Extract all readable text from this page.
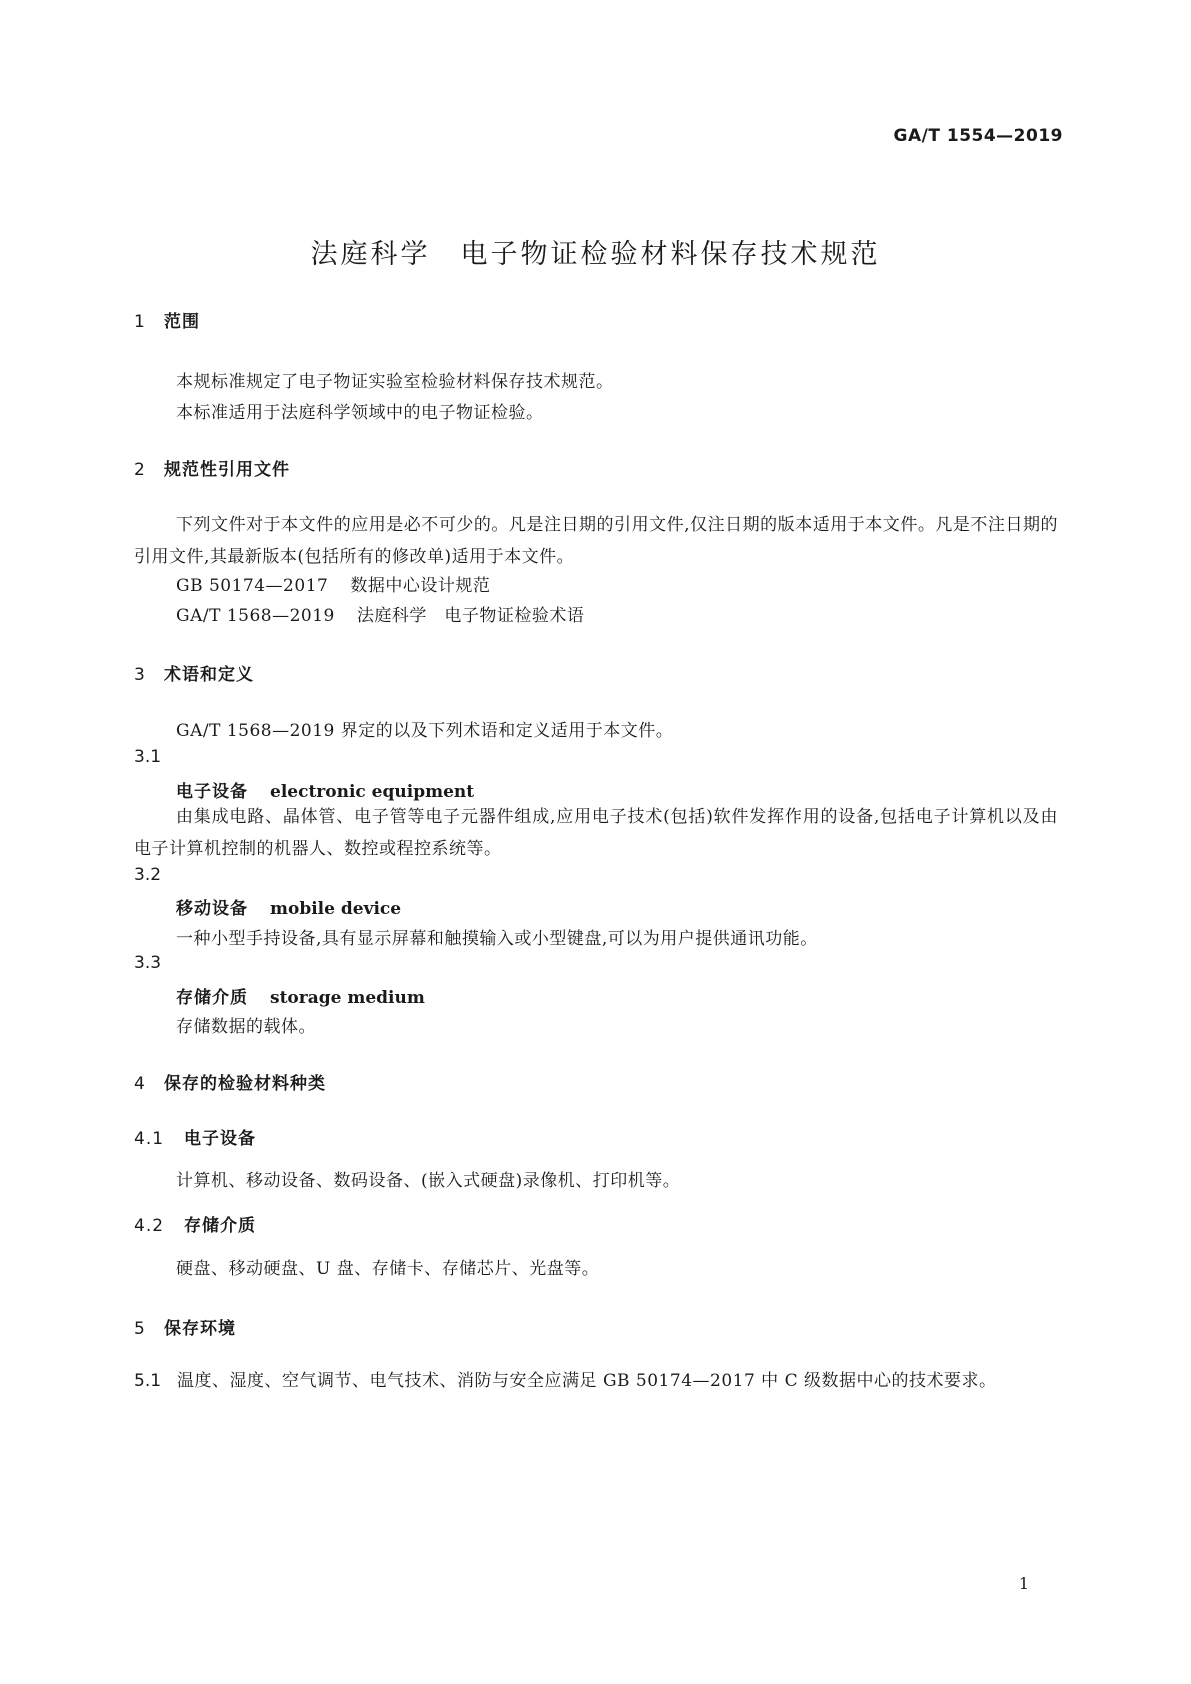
GA/T 1554—2019
法庭科学　电子物证检验材料保存技术规范
1 范围
本规标准规定了电子物证实验室检验材料保存技术规范。
本标准适用于法庭科学领域中的电子物证检验。
2 规范性引用文件
下列文件对于本文件的应用是必不可少的。凡是注日期的引用文件,仅注日期的版本适用于本文件。凡是不注日期的引用文件,其最新版本(包括所有的修改单)适用于本文件。
GB 50174—2017 数据中心设计规范
GA/T 1568—2019 法庭科学　电子物证检验术语
3 术语和定义
GA/T 1568—2019 界定的以及下列术语和定义适用于本文件。
3.1
电子设备 electronic equipment
由集成电路、晶体管、电子管等电子元器件组成,应用电子技术(包括)软件发挥作用的设备,包括电子计算机以及由电子计算机控制的机器人、数控或程控系统等。
3.2
移动设备 mobile device
一种小型手持设备,具有显示屏幕和触摸输入或小型键盘,可以为用户提供通讯功能。
3.3
存储介质 storage medium
存储数据的载体。
4 保存的检验材料种类
4.1 电子设备
计算机、移动设备、数码设备、(嵌入式硬盘)录像机、打印机等。
4.2 存储介质
硬盘、移动硬盘、U 盘、存储卡、存储芯片、光盘等。
5 保存环境
5.1 温度、湿度、空气调节、电气技术、消防与安全应满足 GB 50174—2017 中 C 级数据中心的技术要求。
1
